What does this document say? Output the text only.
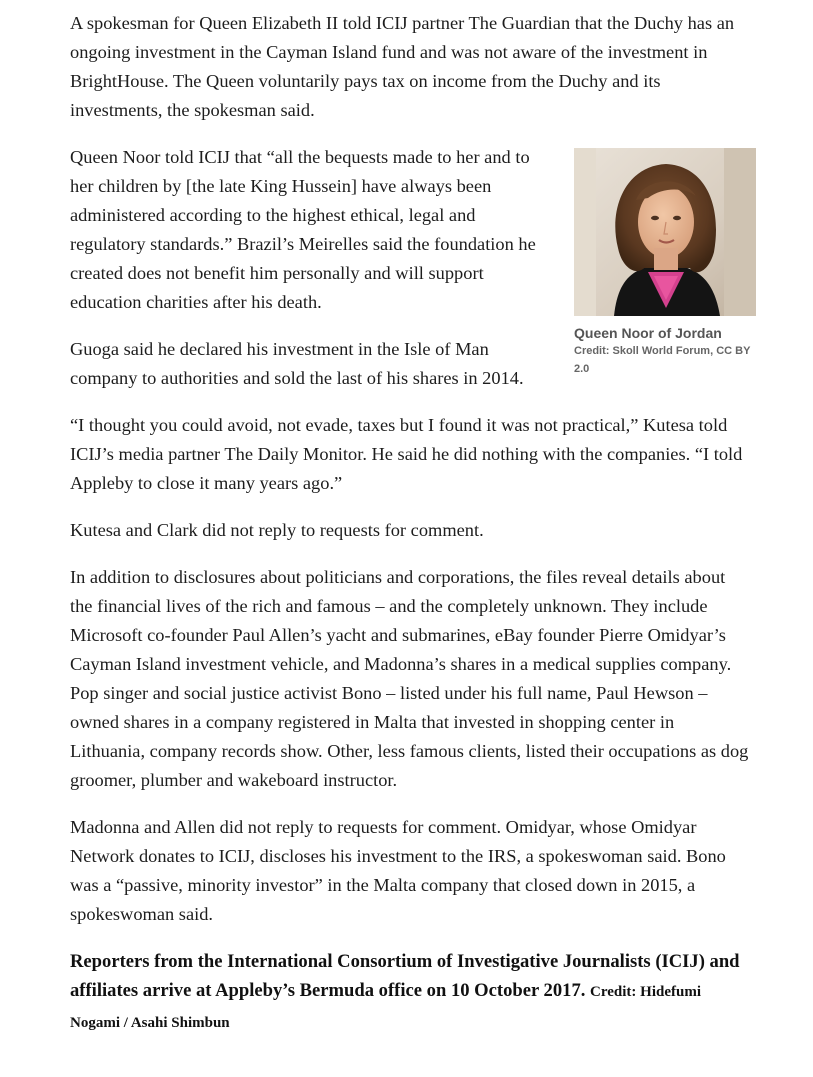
A spokesman for Queen Elizabeth II told ICIJ partner The Guardian that the Duchy has an ongoing investment in the Cayman Island fund and was not aware of the investment in BrightHouse. The Queen voluntarily pays tax on income from the Duchy and its investments, the spokesman said.

Queen Noor of Jordan
Credit: Skoll World Forum, CC BY 2.0

Queen Noor told ICIJ that “all the bequests made to her and to her children by [the late King Hussein] have always been administered according to the highest ethical, legal and regulatory standards.” Brazil’s Meirelles said the foundation he created does not benefit him personally and will support education charities after his death.

Guoga said he declared his investment in the Isle of Man company to authorities and sold the last of his shares in 2014.

“I thought you could avoid, not evade, taxes but I found it was not practical,” Kutesa told ICIJ’s media partner The Daily Monitor. He said he did nothing with the companies. “I told Appleby to close it many years ago.”

Kutesa and Clark did not reply to requests for comment.

In addition to disclosures about politicians and corporations, the files reveal details about the financial lives of the rich and famous – and the completely unknown. They include Microsoft co-founder Paul Allen’s yacht and submarines, eBay founder Pierre Omidyar’s Cayman Island investment vehicle, and Madonna’s shares in a medical supplies company. Pop singer and social justice activist Bono – listed under his full name, Paul Hewson – owned shares in a company registered in Malta that invested in shopping center in Lithuania, company records show. Other, less famous clients, listed their occupations as dog groomer, plumber and wakeboard instructor.

Madonna and Allen did not reply to requests for comment. Omidyar, whose Omidyar Network donates to ICIJ, discloses his investment to the IRS, a spokeswoman said. Bono was a “passive, minority investor” in the Malta company that closed down in 2015, a spokeswoman said.

Reporters from the International Consortium of Investigative Journalists (ICIJ) and affiliates arrive at Appleby’s Bermuda office on 10 October 2017. Credit: Hidefumi Nogami / Asahi Shimbun
